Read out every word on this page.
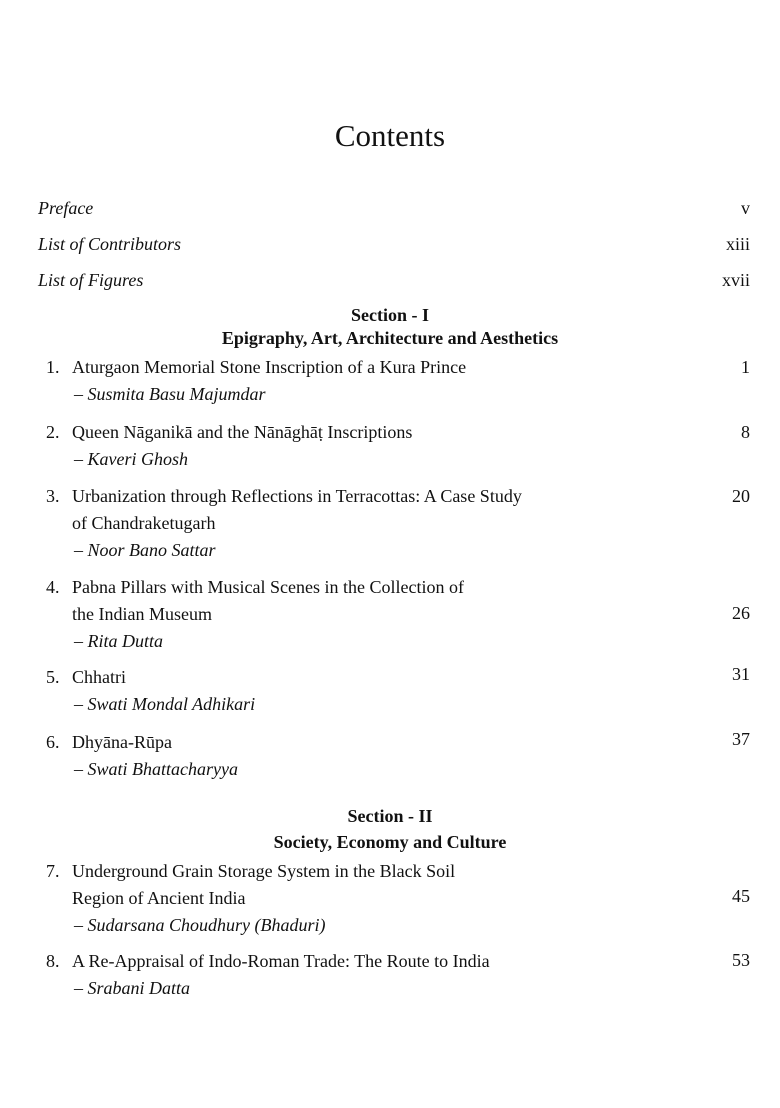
Contents
Preface	v
List of Contributors	xiii
List of Figures	xvii
Section - I
Epigraphy, Art, Architecture and Aesthetics
1. Aturgaon Memorial Stone Inscription of a Kura Prince
– Susmita Basu Majumdar
1
2. Queen Nāganikā and the Nānāghāṭ Inscriptions
– Kaveri Ghosh
8
3. Urbanization through Reflections in Terracottas: A Case Study
of Chandraketugarh
– Noor Bano Sattar
20
4. Pabna Pillars with Musical Scenes in the Collection of
the Indian Museum
– Rita Dutta
26
5. Chhatri
– Swati Mondal Adhikari
31
6. Dhyāna-Rūpa
– Swati Bhattacharyya
37
Section - II
Society, Economy and Culture
7. Underground Grain Storage System in the Black Soil
Region of Ancient India
– Sudarsana Choudhury (Bhaduri)
45
8. A Re-Appraisal of Indo-Roman Trade: The Route to India
– Srabani Datta
53
